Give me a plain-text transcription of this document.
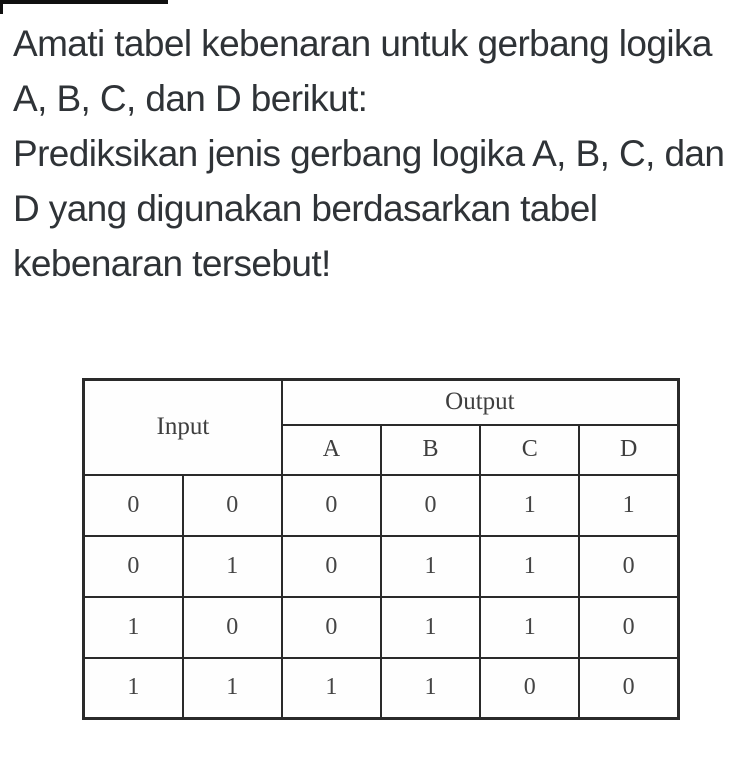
Amati tabel kebenaran untuk gerbang logika
A, B, C, dan D berikut:
Prediksikan jenis gerbang logika A, B, C, dan
D yang digunakan berdasarkan tabel
kebenaran tersebut!
Input		Output			
		A	B	C	D
0	0	0	0	1	1
0	1	0	1	1	0
1	0	0	1	1	0
1	1	1	1	0	0
